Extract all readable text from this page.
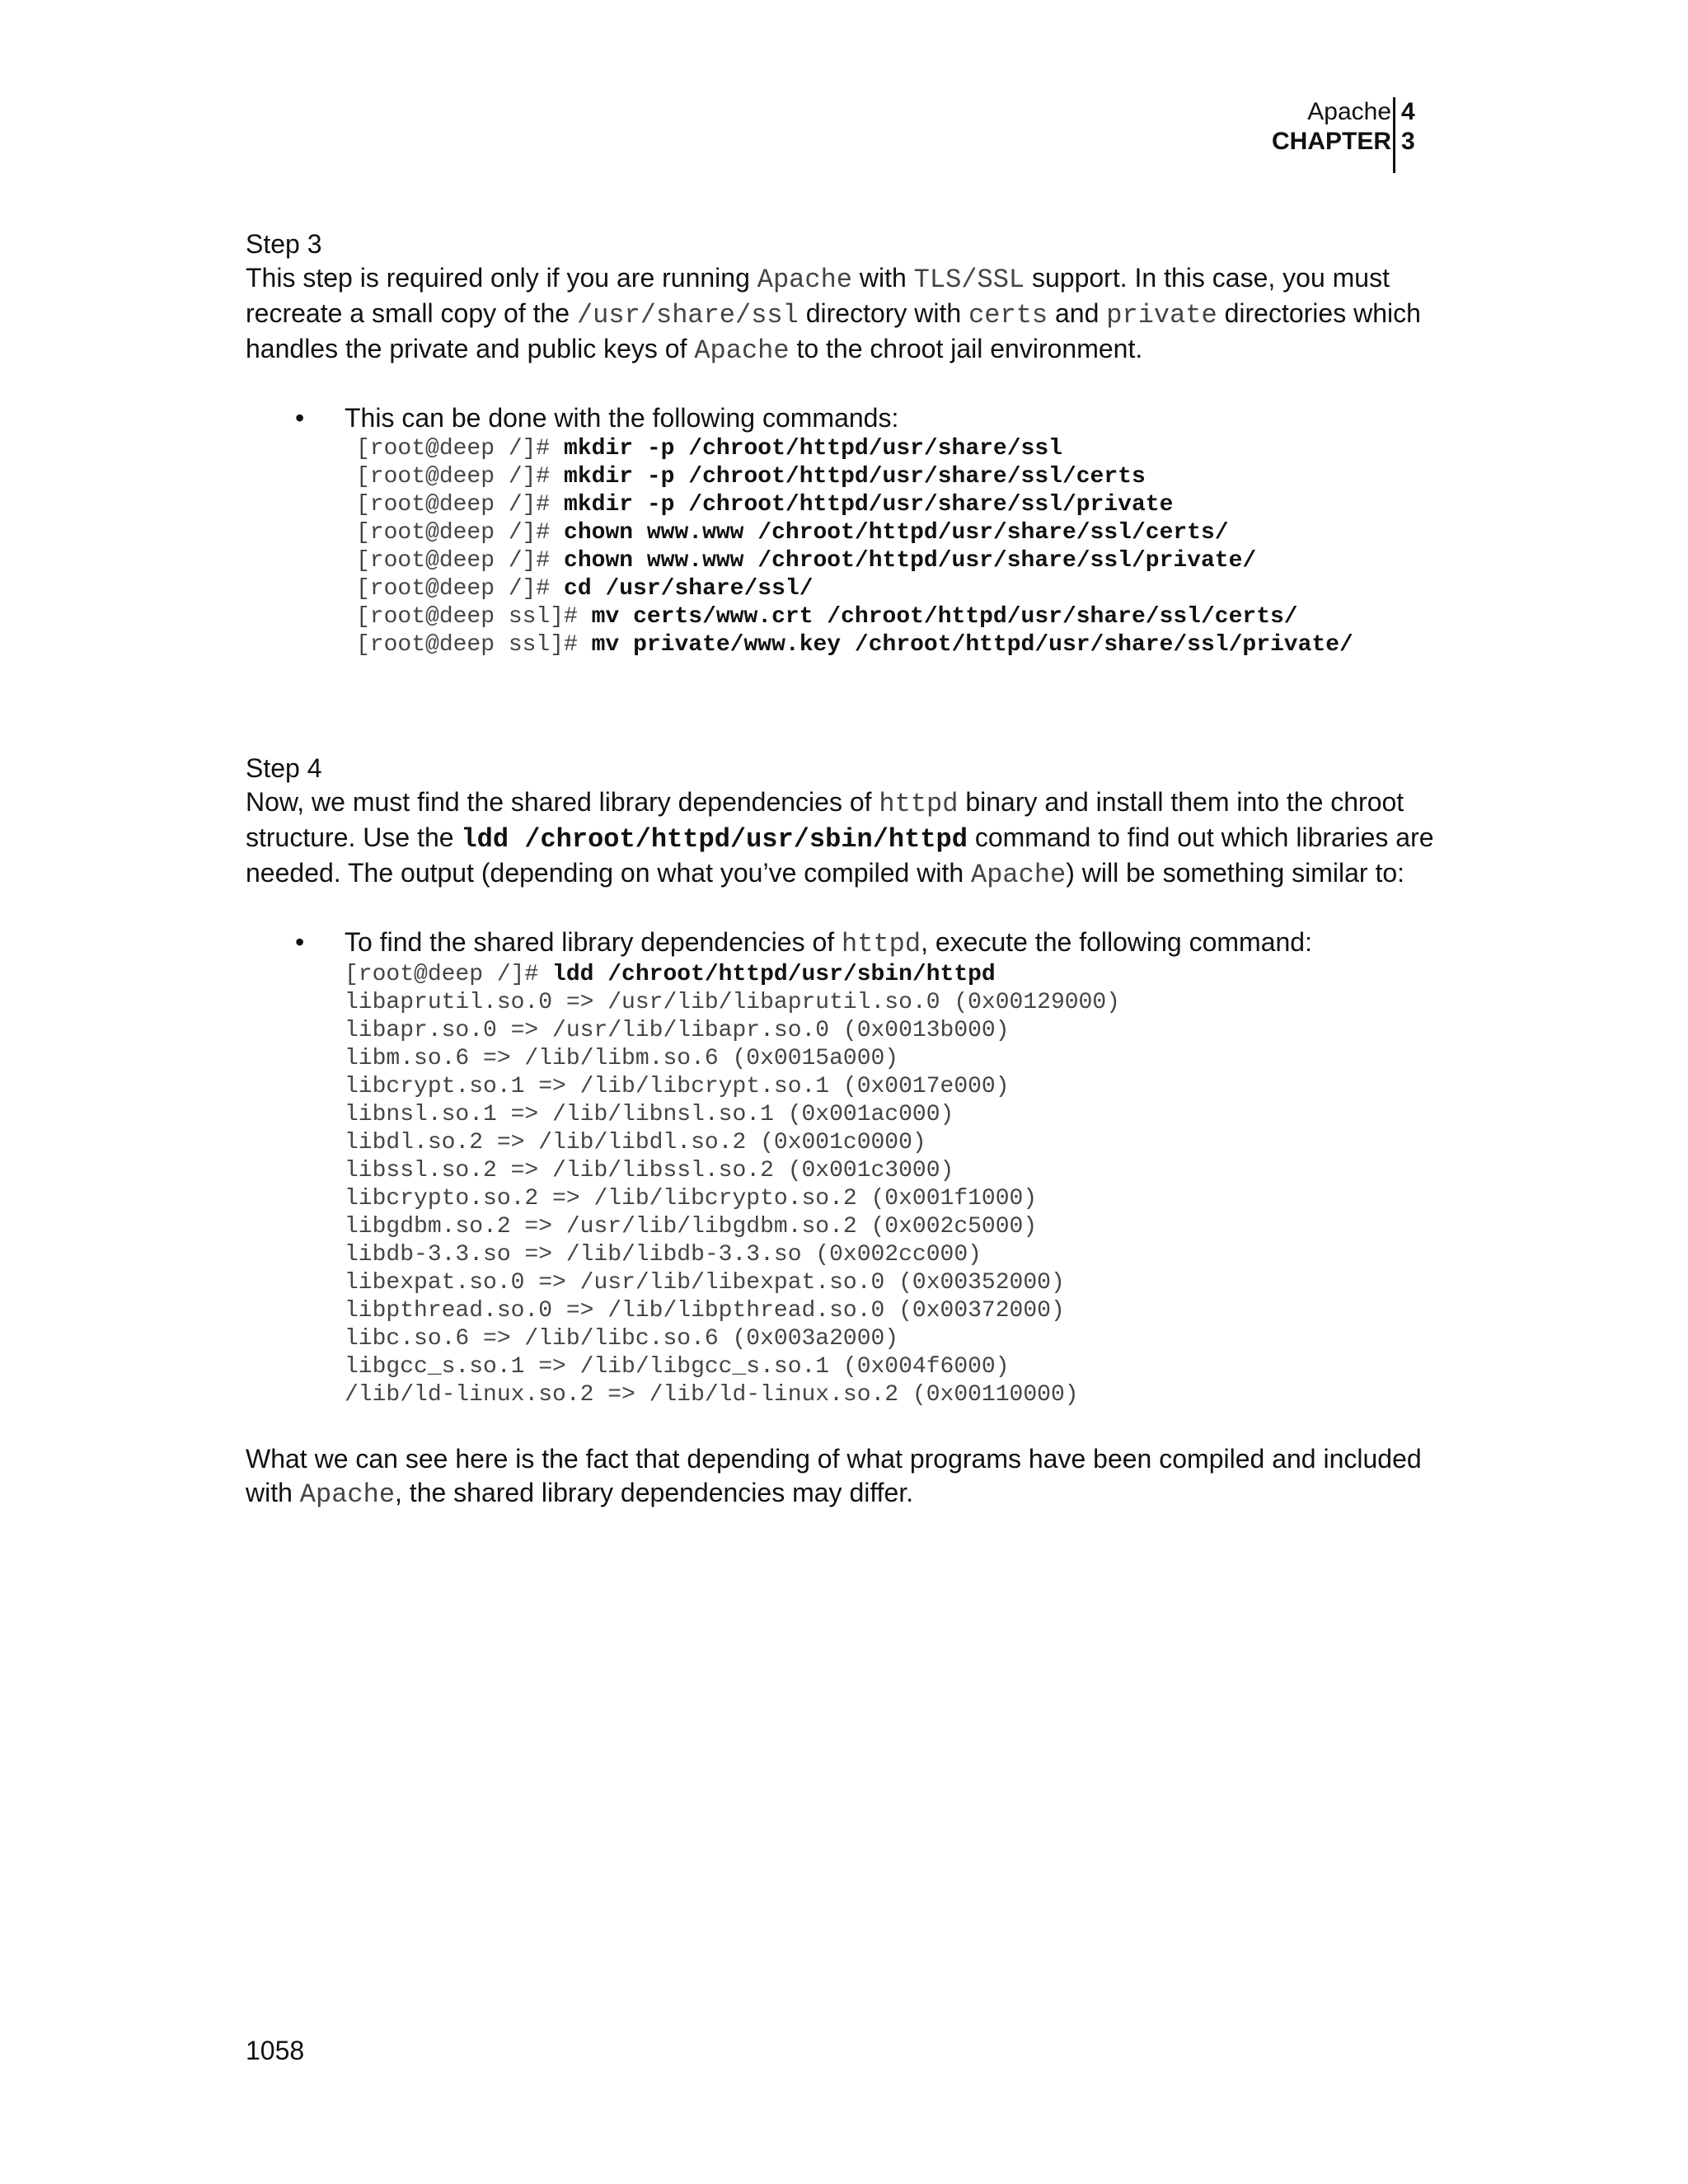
Apache
CHAPTER
4
3
Step 3

This step is required only if you are running Apache with TLS/SSL support. In this case, you must recreate a small copy of the /usr/share/ssl directory with certs and private directories which handles the private and public keys of Apache to the chroot jail environment.

• This can be done with the following commands:

[root@deep /]# mkdir -p /chroot/httpd/usr/share/ssl
[root@deep /]# mkdir -p /chroot/httpd/usr/share/ssl/certs
[root@deep /]# mkdir -p /chroot/httpd/usr/share/ssl/private
[root@deep /]# chown www.www /chroot/httpd/usr/share/ssl/certs/
[root@deep /]# chown www.www /chroot/httpd/usr/share/ssl/private/
[root@deep /]# cd /usr/share/ssl/
[root@deep ssl]# mv certs/www.crt /chroot/httpd/usr/share/ssl/certs/
[root@deep ssl]# mv private/www.key /chroot/httpd/usr/share/ssl/private/
Step 4

Now, we must find the shared library dependencies of httpd binary and install them into the chroot structure. Use the ldd /chroot/httpd/usr/sbin/httpd command to find out which libraries are needed. The output (depending on what you’ve compiled with Apache) will be something similar to:

• To find the shared library dependencies of httpd, execute the following command:

[root@deep /]# ldd /chroot/httpd/usr/sbin/httpd
libaprutil.so.0 => /usr/lib/libaprutil.so.0 (0x00129000)
libapr.so.0 => /usr/lib/libapr.so.0 (0x0013b000)
libm.so.6 => /lib/libm.so.6 (0x0015a000)
libcrypt.so.1 => /lib/libcrypt.so.1 (0x0017e000)
libnsl.so.1 => /lib/libnsl.so.1 (0x001ac000)
libdl.so.2 => /lib/libdl.so.2 (0x001c0000)
libssl.so.2 => /lib/libssl.so.2 (0x001c3000)
libcrypto.so.2 => /lib/libcrypto.so.2 (0x001f1000)
libgdbm.so.2 => /usr/lib/libgdbm.so.2 (0x002c5000)
libdb-3.3.so => /lib/libdb-3.3.so (0x002cc000)
libexpat.so.0 => /usr/lib/libexpat.so.0 (0x00352000)
libpthread.so.0 => /lib/libpthread.so.0 (0x00372000)
libc.so.6 => /lib/libc.so.6 (0x003a2000)
libgcc_s.so.1 => /lib/libgcc_s.so.1 (0x004f6000)
/lib/ld-linux.so.2 => /lib/ld-linux.so.2 (0x00110000)

What we can see here is the fact that depending of what programs have been compiled and included with Apache, the shared library dependencies may differ.

1058
